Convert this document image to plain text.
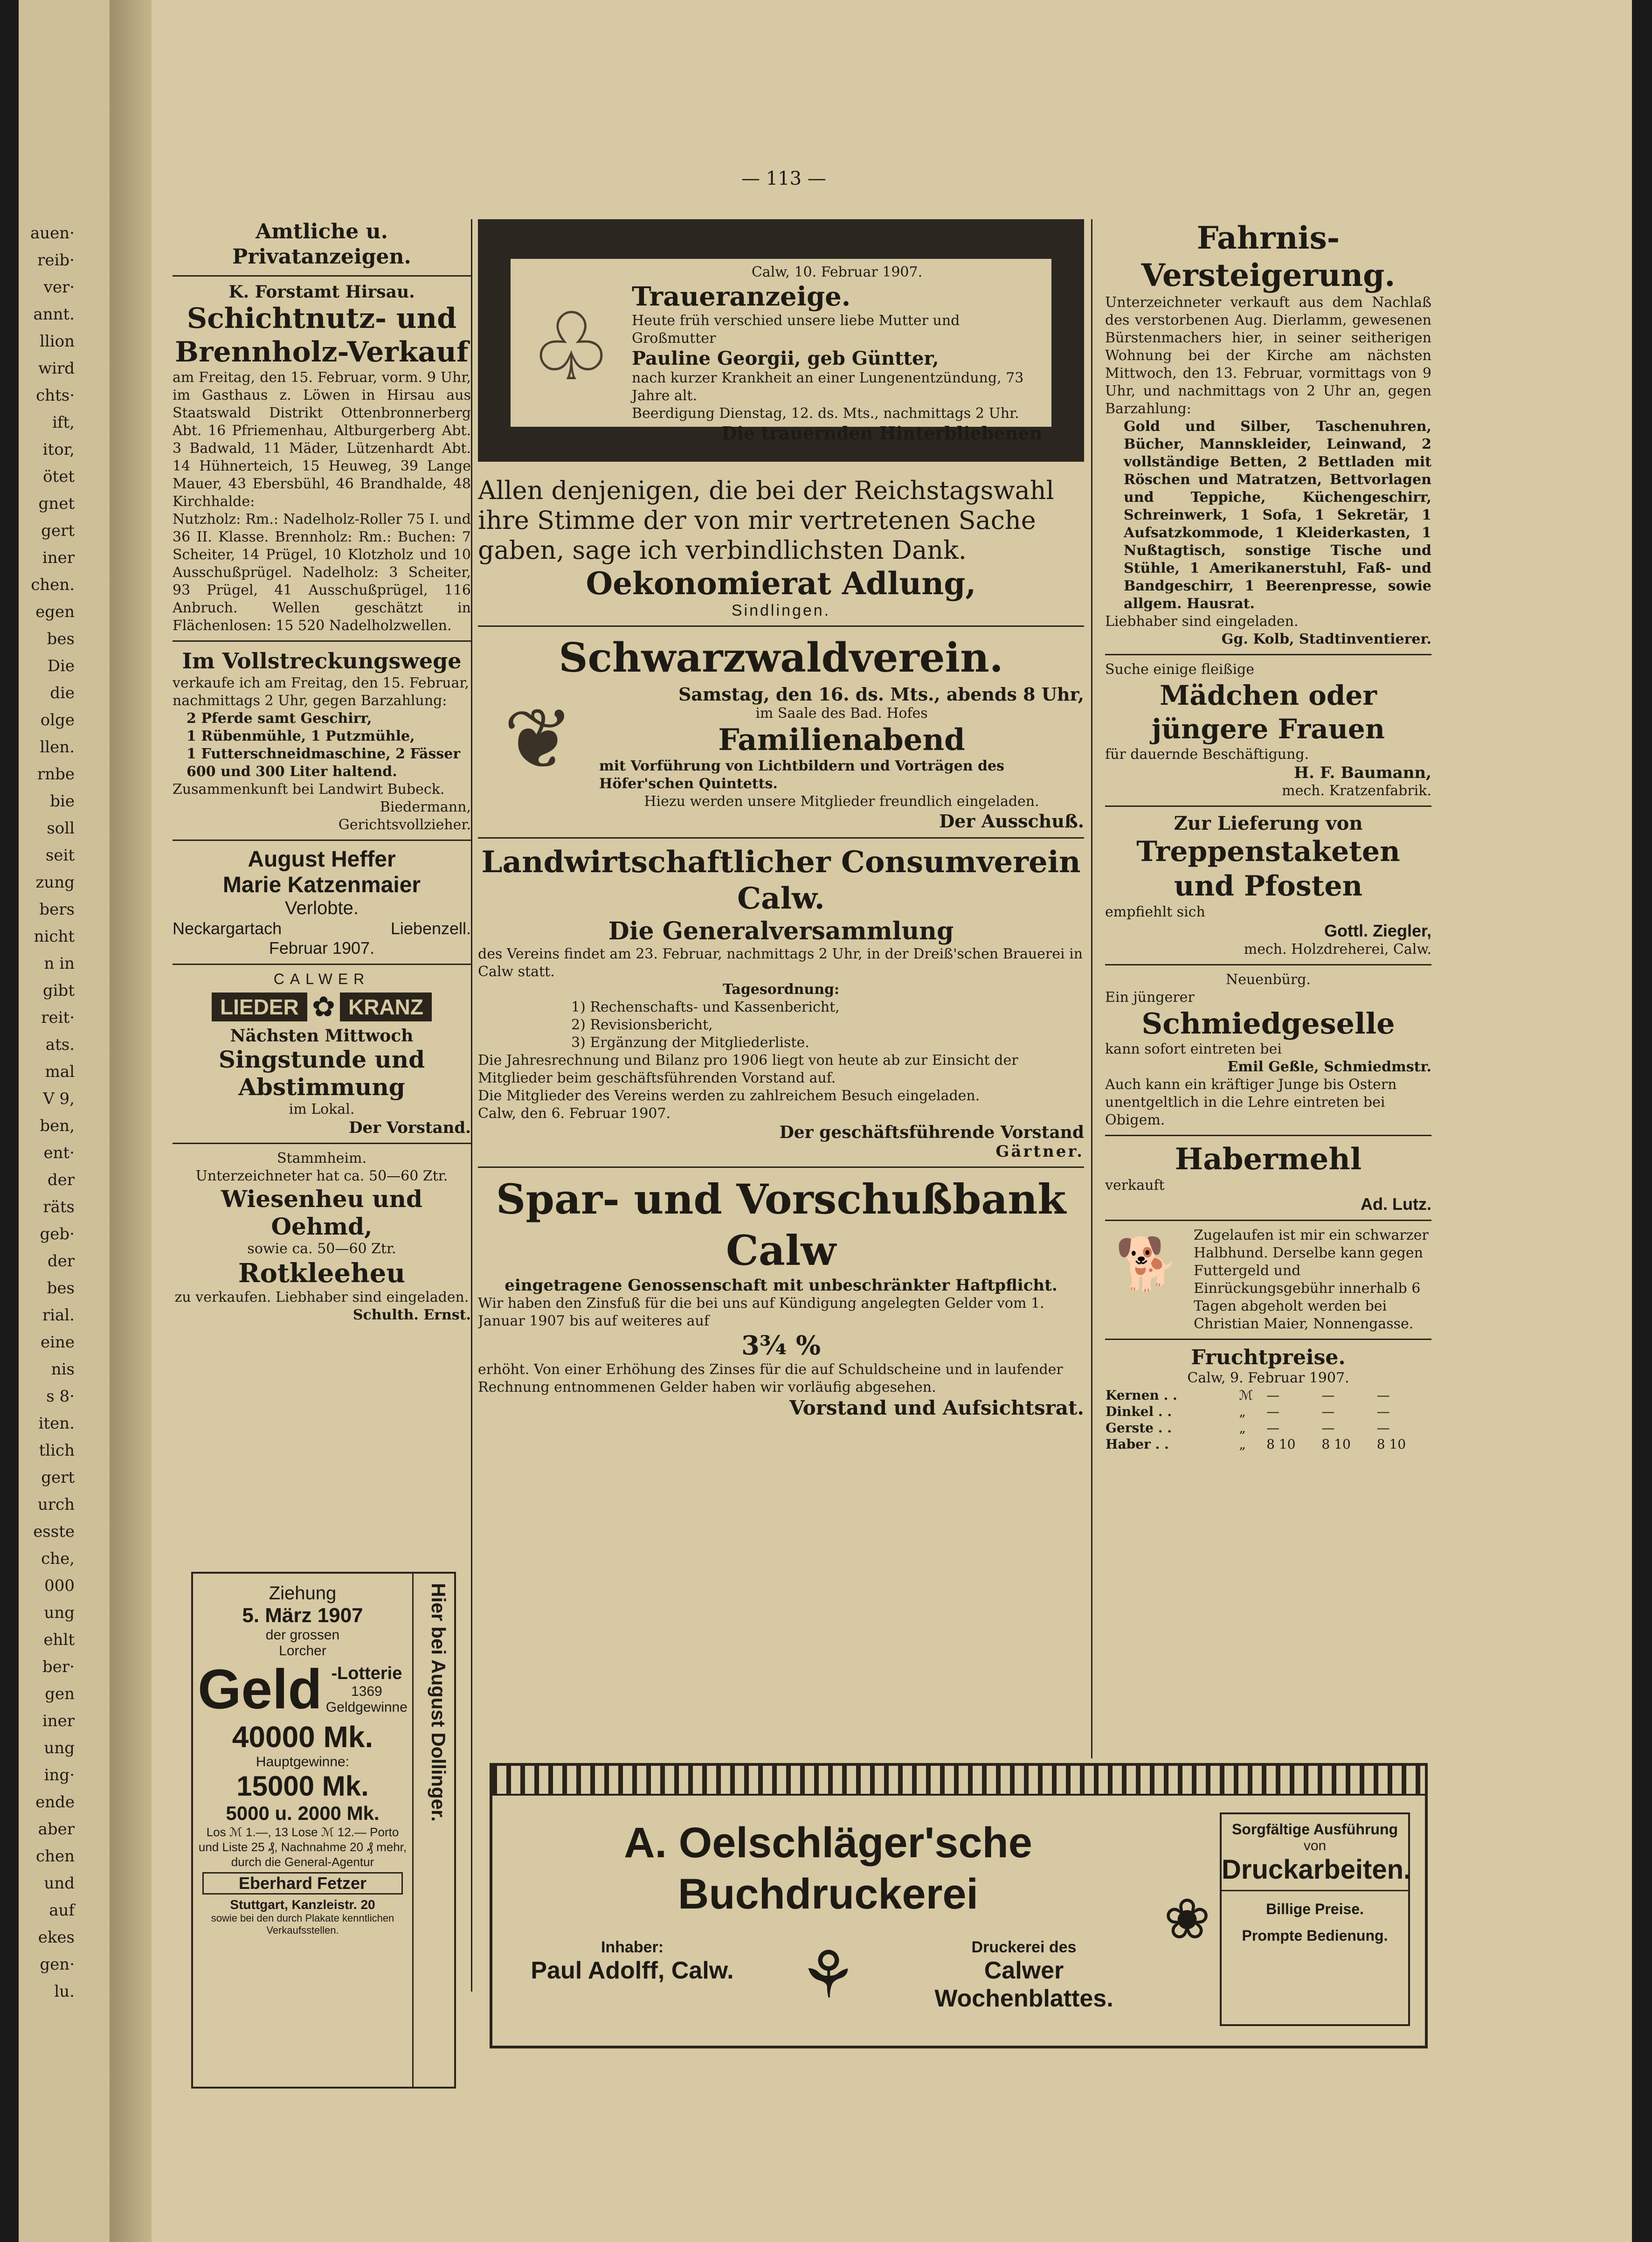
auen·
reib·
ver·
annt.
llion
wird
chts·
ift,
itor,
ötet
gnet
gert
iner
chen.
egen
bes
Die
die
olge
llen.
rnbe
bie
soll
seit
zung
bers
nicht
n in
gibt
reit·
ats.
mal
V 9,
ben,
ent·
der
räts
geb·
der
bes
rial.
eine
nis
s 8·
iten.
tlich
gert
urch
esste
che,
000
ung
ehlt
ber·
gen
iner
ung
ing·
ende
aber
chen
und
auf
ekes
gen·
lu.
— 113 —

Amtliche u. Privatanzeigen.

K. Forstamt Hirsau.

Schichtnutz- und Brennholz-Verkauf

am Freitag, den 15. Februar, vorm. 9 Uhr, im Gasthaus z. Löwen in Hirsau aus Staatswald Distrikt Ottenbronnerberg Abt. 16 Pfriemenhau, Altburgerberg Abt. 3 Badwald, 11 Mäder, Lützenhardt Abt. 14 Hühnerteich, 15 Heuweg, 39 Lange Mauer, 43 Ebersbühl, 46 Brandhalde, 48 Kirchhalde:

Nutzholz: Rm.: Nadelholz-Roller 75 I. und 36 II. Klasse. Brennholz: Rm.: Buchen: 7 Scheiter, 14 Prügel, 10 Klotzholz und 10 Ausschußprügel. Nadelholz: 3 Scheiter, 93 Prügel, 41 Ausschußprügel, 116 Anbruch. Wellen geschätzt in Flächenlosen: 15 520 Nadelholzwellen.

Im Vollstreckungswege

verkaufe ich am Freitag, den 15. Februar, nachmittags 2 Uhr, gegen Barzahlung:

2 Pferde samt Geschirr,

1 Rübenmühle, 1 Putzmühle,

1 Futterschneidmaschine, 2 Fässer 600 und 300 Liter haltend.

Zusammenkunft bei Landwirt Bubeck.

Biedermann,

Gerichtsvollzieher.

August Heffer

Marie Katzenmaier

Verlobte.

Neckargartach	Liebenzell.

Februar 1907.

CALWER

LIEDER ✿ KRANZ

Nächsten Mittwoch

Singstunde und Abstimmung

im Lokal.

Der Vorstand.

Stammheim.

Unterzeichneter hat ca. 50—60 Ztr.

Wiesenheu und Oehmd,

sowie ca. 50—60 Ztr.

Rotkleeheu

zu verkaufen. Liebhaber sind eingeladen.

Schulth. Ernst.

Ziehung

5. März 1907

der grossen

Lorcher

Geld -Lotterie
1369
Geldgewinne

40000 Mk.

Hauptgewinne:

15000 Mk.

5000 u. 2000 Mk.

Los ℳ 1.—, 13 Lose ℳ 12.— Porto und Liste 25 ₰, Nachnahme 20 ₰ mehr, durch die General-Agentur

Eberhard Fetzer

Stuttgart, Kanzleistr. 20

sowie bei den durch Plakate kenntlichen Verkaufsstellen.

Hier bei August Dollinger.
♧

Calw, 10. Februar 1907.

Traueranzeige.

Heute früh verschied unsere liebe Mutter und Großmutter

Pauline Georgii, geb Güntter,

nach kurzer Krankheit an einer Lungenentzündung, 73 Jahre alt.

Beerdigung Dienstag, 12. ds. Mts., nachmittags 2 Uhr.

Die trauernden Hinterbliebenen

Allen denjenigen, die bei der Reichstagswahl ihre Stimme der von mir vertretenen Sache gaben, sage ich verbindlichsten Dank.

Oekonomierat Adlung,

Sindlingen.

Schwarzwaldverein.

❦	Samstag, den 16. ds. Mts., abends 8 Uhr,

im Saale des Bad. Hofes

Familienabend

mit Vorführung von Lichtbildern und Vorträgen des Höfer'schen Quintetts.

Hiezu werden unsere Mitglieder freundlich eingeladen.

Der Ausschuß.

Landwirtschaftlicher Consumverein Calw.

Die Generalversammlung

des Vereins findet am 23. Februar, nachmittags 2 Uhr, in der Dreiß'schen Brauerei in Calw statt.

Tagesordnung:

1) Rechenschafts- und Kassenbericht,

2) Revisionsbericht,

3) Ergänzung der Mitgliederliste.

Die Jahresrechnung und Bilanz pro 1906 liegt von heute ab zur Einsicht der Mitglieder beim geschäftsführenden Vorstand auf.

Die Mitglieder des Vereins werden zu zahlreichem Besuch eingeladen.

Calw, den 6. Februar 1907.

Der geschäftsführende Vorstand

Gärtner.

Spar- und Vorschußbank Calw

eingetragene Genossenschaft mit unbeschränkter Haftpflicht.

Wir haben den Zinsfuß für die bei uns auf Kündigung angelegten Gelder vom 1. Januar 1907 bis auf weiteres auf

3¾ %

erhöht. Von einer Erhöhung des Zinses für die auf Schuldscheine und in laufender Rechnung entnommenen Gelder haben wir vorläufig abgesehen.

Vorstand und Aufsichtsrat.

Fahrnis-Versteigerung.

Unterzeichneter verkauft aus dem Nachlaß des verstorbenen Aug. Dierlamm, gewesenen Bürstenmachers hier, in seiner seitherigen Wohnung bei der Kirche am nächsten Mittwoch, den 13. Februar, vormittags von 9 Uhr, und nachmittags von 2 Uhr an, gegen Barzahlung:

Gold und Silber, Taschenuhren, Bücher, Mannskleider, Leinwand, 2 vollständige Betten, 2 Bettladen mit Röschen und Matratzen, Bettvorlagen und Teppiche, Küchengeschirr, Schreinwerk, 1 Sofa, 1 Sekretär, 1 Aufsatzkommode, 1 Kleiderkasten, 1 Nußtagtisch, sonstige Tische und Stühle, 1 Amerikanerstuhl, Faß- und Bandgeschirr, 1 Beerenpresse, sowie allgem. Hausrat.

Liebhaber sind eingeladen.

Gg. Kolb, Stadtinventierer.

Suche einige fleißige

Mädchen oder jüngere Frauen

für dauernde Beschäftigung.

H. F. Baumann,

mech. Kratzenfabrik.

Zur Lieferung von

Treppenstaketen und Pfosten

empfiehlt sich

Gottl. Ziegler,

mech. Holzdreherei, Calw.

Neuenbürg.

Ein jüngerer

Schmiedgeselle

kann sofort eintreten bei

Emil Geßle, Schmiedmstr.

Auch kann ein kräftiger Junge bis Ostern unentgeltlich in die Lehre eintreten bei Obigem.

Habermehl

verkauft

Ad. Lutz.

🐕	Zugelaufen ist mir ein schwarzer Halbhund. Derselbe kann gegen Futtergeld und Einrückungsgebühr innerhalb 6 Tagen abgeholt werden bei Christian Maier, Nonnengasse.

Fruchtpreise.

Calw, 9. Februar 1907.

Kernen . .	ℳ	—	—	—
Dinkel . .	„	—	—	—
Gerste . .	„	—	—	—
Haber . .	„	8 10	8 10	8 10

A. Oelschläger'sche Buchdruckerei

Inhaber:

Paul Adolff, Calw. ⚘	Druckerei des

Calwer Wochenblattes.

❀

Sorgfältige Ausführung

von

Druckarbeiten.

Billige Preise.

Prompte Bedienung.
